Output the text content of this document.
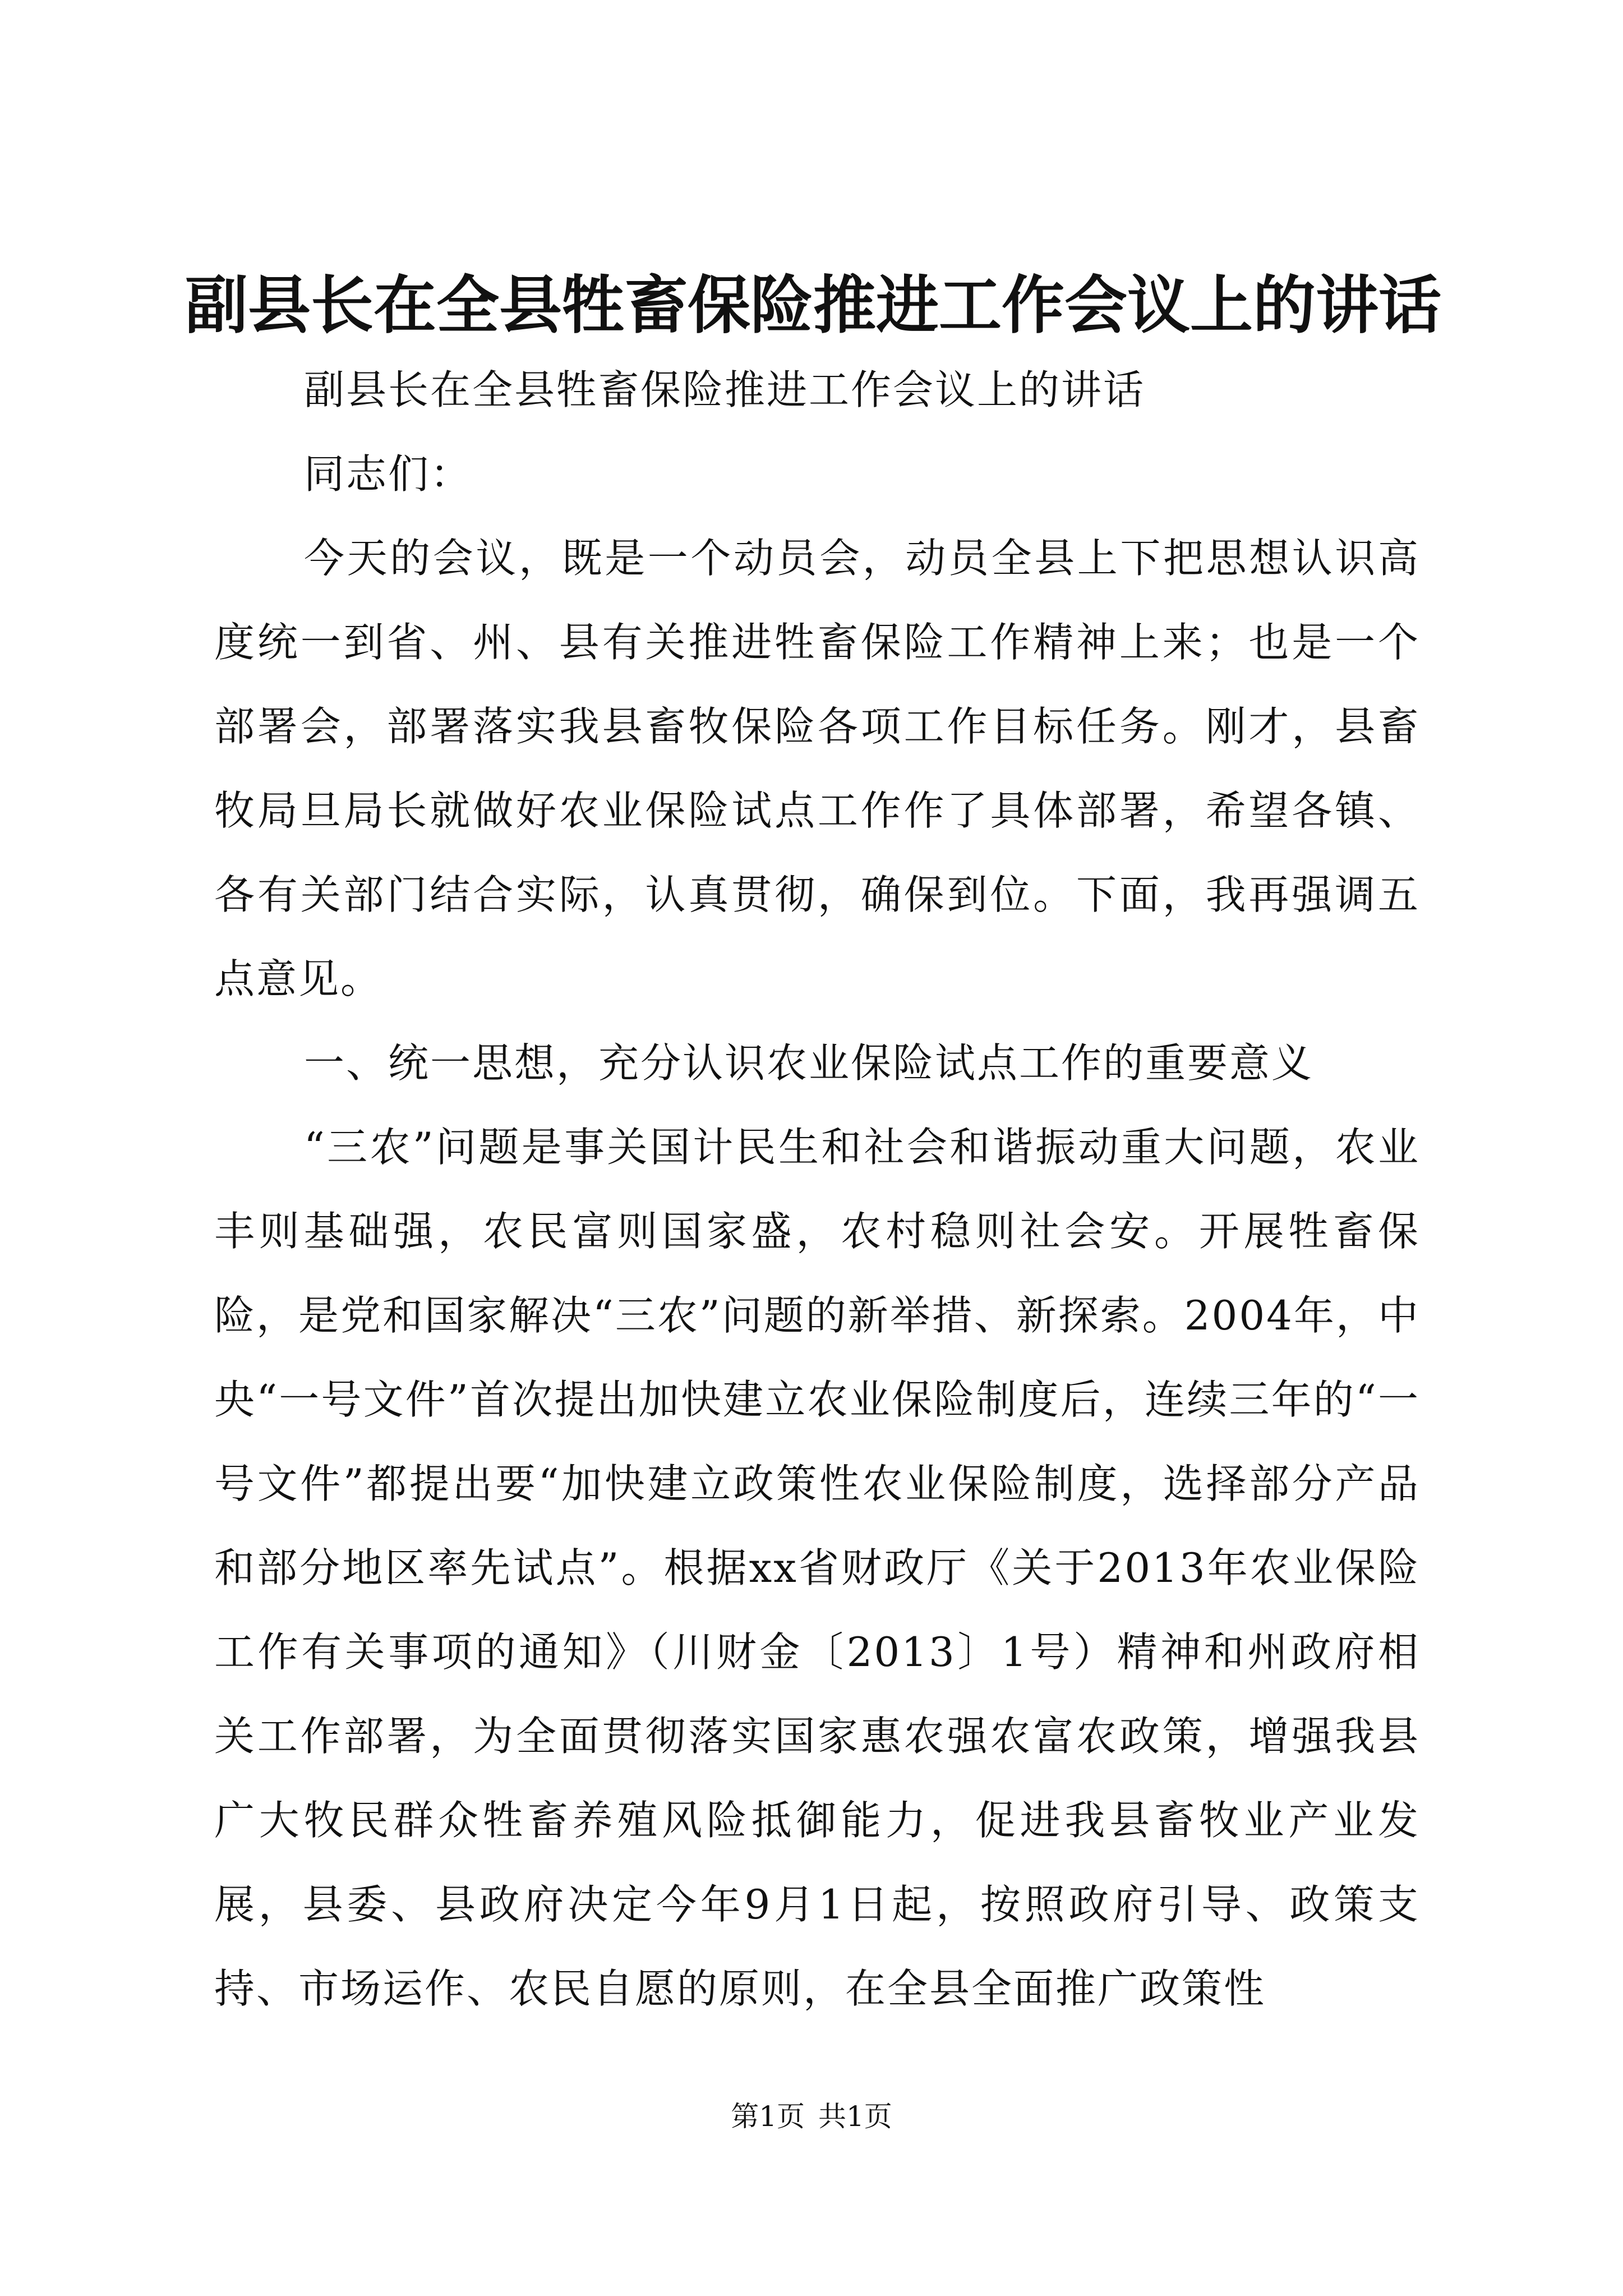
副县长在全县牲畜保险推进工作会议上的讲话

副县长在全县牲畜保险推进工作会议上的讲话

同志们：

今天的会议，既是一个动员会，动员全县上下把思想认识高度统一到省、州、县有关推进牲畜保险工作精神上来；也是一个部署会，部署落实我县畜牧保险各项工作目标任务。刚才，县畜牧局旦局长就做好农业保险试点工作作了具体部署，希望各镇、各有关部门结合实际，认真贯彻，确保到位。下面，我再强调五点意见。

一、统一思想，充分认识农业保险试点工作的重要意义

“三农”问题是事关国计民生和社会和谐振动重大问题，农业丰则基础强，农民富则国家盛，农村稳则社会安。开展牲畜保险，是党和国家解决“三农”问题的新举措、新探索。2004年，中央“一号文件”首次提出加快建立农业保险制度后，连续三年的“一号文件”都提出要“加快建立政策性农业保险制度，选择部分产品和部分地区率先试点”。根据xx省财政厅《关于2013年农业保险工作有关事项的通知》（川财金〔2013〕1号）精神和州政府相关工作部署，为全面贯彻落实国家惠农强农富农政策，增强我县广大牧民群众牲畜养殖风险抵御能力，促进我县畜牧业产业发展，县委、县政府决定今年9月1日起，按照政府引导、政策支持、市场运作、农民自愿的原则，在全县全面推广政策性

第1页 共1页
